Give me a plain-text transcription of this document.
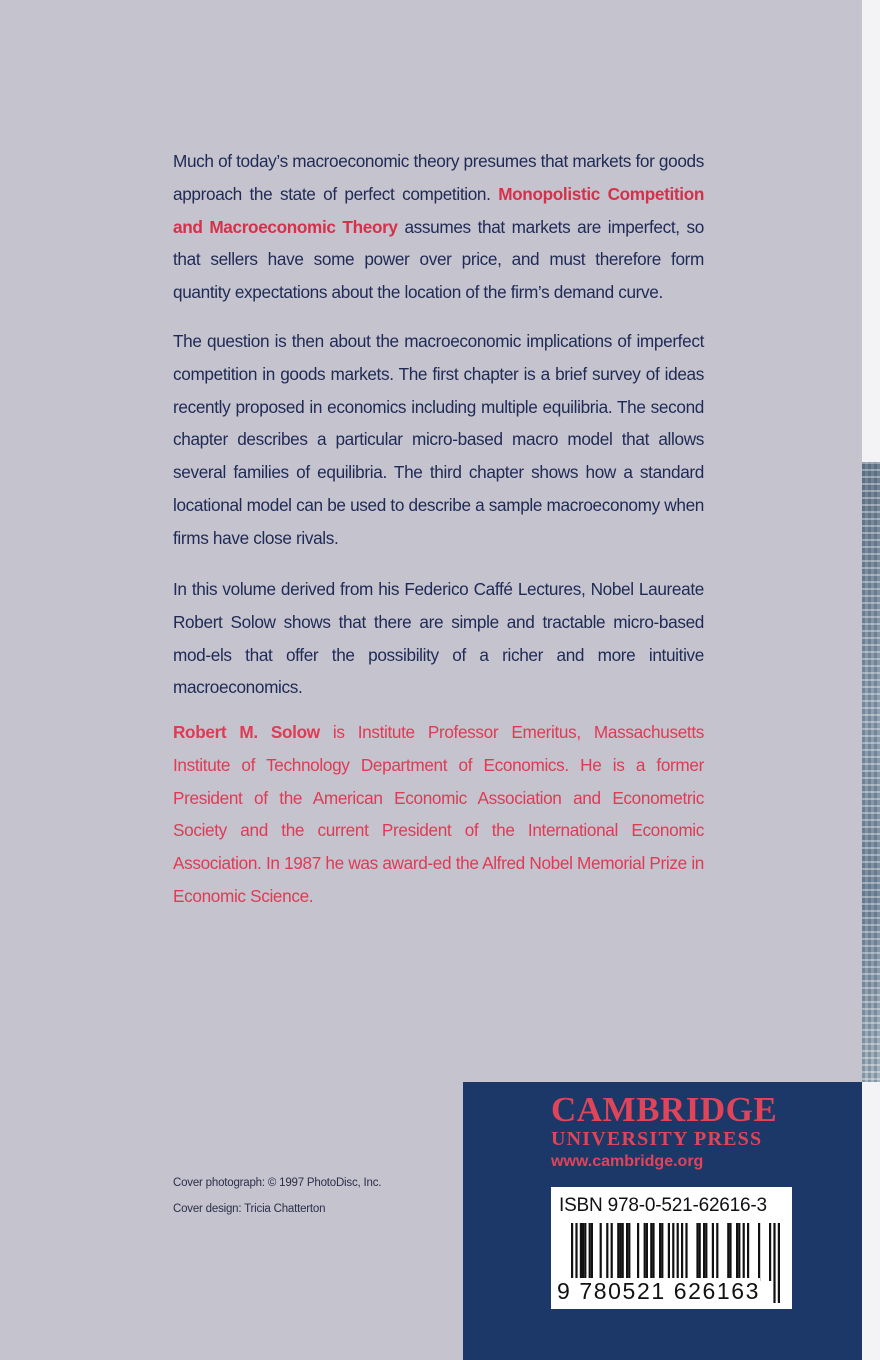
Much of today’s macroeconomic theory presumes that markets for goods approach the state of perfect competition. Monopolistic Competition and Macroeconomic Theory assumes that markets are imperfect, so that sellers have some power over price, and must therefore form quantity expectations about the location of the firm’s demand curve.
The question is then about the macroeconomic implications of imperfect competition in goods markets. The first chapter is a brief survey of ideas recently proposed in economics including multiple equilibria. The second chapter describes a particular micro-based macro model that allows several families of equilibria. The third chapter shows how a standard locational model can be used to describe a sample macroeconomy when firms have close rivals.
In this volume derived from his Federico Caffé Lectures, Nobel Laureate Robert Solow shows that there are simple and tractable micro-based mod-els that offer the possibility of a richer and more intuitive macroeconomics.
Robert M. Solow is Institute Professor Emeritus, Massachusetts Institute of Technology Department of Economics. He is a former President of the American Economic Association and Econometric Society and the current President of the International Economic Association. In 1987 he was award-ed the Alfred Nobel Memorial Prize in Economic Science.
Cover photograph: © 1997 PhotoDisc, Inc.
Cover design: Tricia Chatterton
CAMBRIDGE
UNIVERSITY PRESS
www.cambridge.org
ISBN 978-0-521-62616-3
9 780521 626163
